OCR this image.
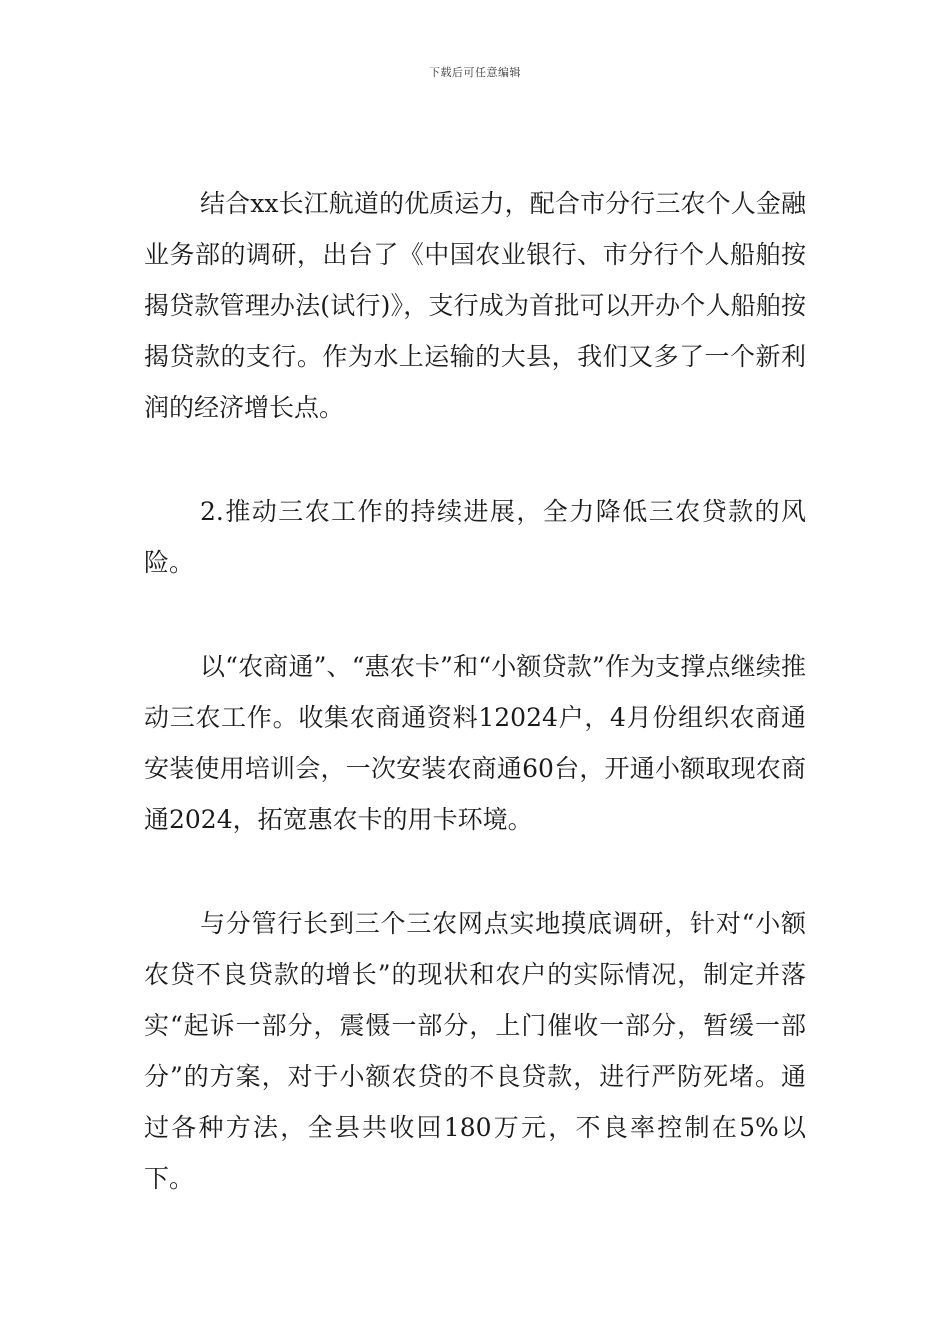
下载后可任意编辑

结合xx长江航道的优质运力，配合市分行三农个人金融业务部的调研，出台了《中国农业银行、市分行个人船舶按揭贷款管理办法(试行)》，支行成为首批可以开办个人船舶按揭贷款的支行。作为水上运输的大县，我们又多了一个新利润的经济增长点。

2.推动三农工作的持续进展，全力降低三农贷款的风险。

以“农商通”、“惠农卡”和“小额贷款”作为支撑点继续推动三农工作。收集农商通资料12024户，4月份组织农商通安装使用培训会，一次安装农商通60台，开通小额取现农商通2024，拓宽惠农卡的用卡环境。

与分管行长到三个三农网点实地摸底调研，针对“小额农贷不良贷款的增长”的现状和农户的实际情况，制定并落实“起诉一部分，震慑一部分，上门催收一部分，暂缓一部分”的方案，对于小额农贷的不良贷款，进行严防死堵。通过各种方法，全县共收回180万元，不良率控制在5%以下。
